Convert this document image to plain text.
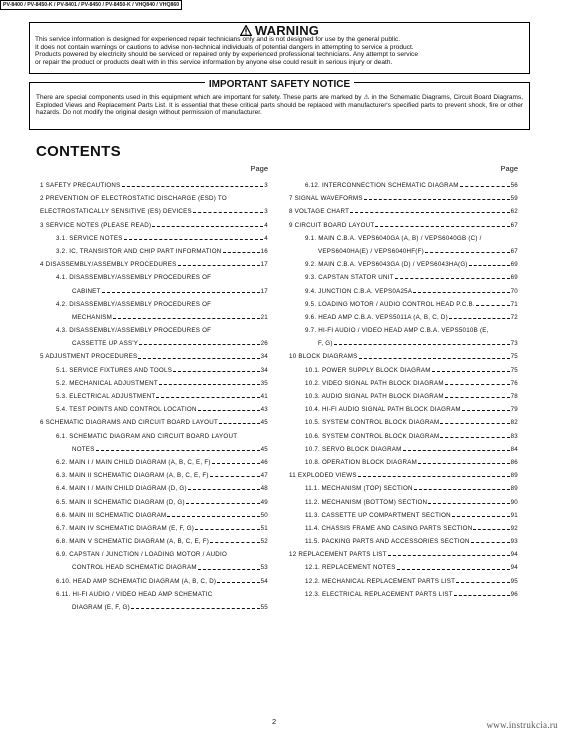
PV-8400 / PV-8450-K / PV-8401 / PV-8450 / PV-8450-K / VHQ840 / VHQ860
WARNING
This service information is designed for experienced repair technicians only and is not designed for use by the general public.
It does not contain warnings or cautions to advise non-technical individuals of potential dangers in attempting to service a product.
Products powered by electricity should be serviced or repaired only by experienced professional technicians. Any attempt to service
or repair the product or products dealt with in this service information by anyone else could result in serious injury or death.
IMPORTANT SAFETY NOTICE
There are special components used in this equipment which are important for safety. These parts are marked by ⚠ in the Schematic Diagrams, Circuit Board Diagrams, Exploded Views and Replacement Parts List. It is essential that these critical parts should be replaced with manufacturer's specified parts to prevent shock, fire or other hazards. Do not modify the original design without permission of manufacturer.
CONTENTS
Page
1 SAFETY PRECAUTIONS	3
2 PREVENTION OF ELECTROSTATIC DISCHARGE (ESD) TO
ELECTROSTATICALLY SENSITIVE (ES) DEVICES	3
3 SERVICE NOTES (PLEASE READ)	4
3.1. SERVICE NOTES	4
3.2. IC, TRANSISTOR AND CHIP PART INFORMATION	16
4 DISASSEMBLY/ASSEMBLY PROCEDURES	17
4.1. DISASSEMBLY/ASSEMBLY PROCEDURES OF
CABINET	17
4.2. DISASSEMBLY/ASSEMBLY PROCEDURES OF
MECHANISM	21
4.3. DISASSEMBLY/ASSEMBLY PROCEDURES OF
CASSETTE UP ASS'Y	26
5 ADJUSTMENT PROCEDURES	34
5.1. SERVICE FIXTURES AND TOOLS	34
5.2. MECHANICAL ADJUSTMENT	35
5.3. ELECTRICAL ADJUSTMENT	41
5.4. TEST POINTS AND CONTROL LOCATION	43
6 SCHEMATIC DIAGRAMS AND CIRCUIT BOARD LAYOUT	45
6.1. SCHEMATIC DIAGRAM AND CIRCUIT BOARD LAYOUT
NOTES	45
6.2. MAIN I / MAIN CHILD DIAGRAM (A, B, C, E, F)	46
6.3. MAIN II SCHEMATIC DIAGRAM (A, B, C, E, F)	47
6.4. MAIN I / MAIN CHILD DIAGRAM (D, G)	48
6.5. MAIN II SCHEMATIC DIAGRAM (D, G)	49
6.6. MAIN III SCHEMATIC DIAGRAM	50
6.7. MAIN IV SCHEMATIC DIAGRAM (E, F, G)	51
6.8. MAIN V SCHEMATIC DIAGRAM (A, B, C, E, F)	52
6.9. CAPSTAN / JUNCTION / LOADING MOTOR / AUDIO
CONTROL HEAD SCHEMATIC DIAGRAM	53
6.10. HEAD AMP SCHEMATIC DIAGRAM (A, B, C, D)	54
6.11. HI-FI AUDIO / VIDEO HEAD AMP SCHEMATIC
DIAGRAM (E, F, G)	55
Page
6.12. INTERCONNECTION SCHEMATIC DIAGRAM	56
7 SIGNAL WAVEFORMS	59
8 VOLTAGE CHART	62
9 CIRCUIT BOARD LAYOUT	67
9.1. MAIN C.B.A. VEPS6040GA (A, B) / VEPS6040GB (C) /
VEPS6040HA(E) / VEPS6040HF(F)	67
9.2. MAIN C.B.A. VEPS6043GA (D) / VEPS6043HA(G)	69
9.3. CAPSTAN STATOR UNIT	69
9.4. JUNCTION C.B.A. VEPS0A25A	70
9.5. LOADING MOTOR / AUDIO CONTROL HEAD P.C.B.	71
9.6. HEAD AMP C.B.A. VEPS5011A (A, B, C, D)	72
9.7. HI-FI AUDIO / VIDEO HEAD AMP C.B.A. VEPS5010B (E,
F, G)	73
10 BLOCK DIAGRAMS	75
10.1. POWER SUPPLY BLOCK DIAGRAM	75
10.2. VIDEO SIGNAL PATH BLOCK DIAGRAM	76
10.3. AUDIO SIGNAL PATH BLOCK DIAGRAM	78
10.4. HI-FI AUDIO SIGNAL PATH BLOCK DIAGRAM	79
10.5. SYSTEM CONTROL BLOCK DIAGRAM	82
10.6. SYSTEM CONTROL BLOCK DIAGRAM	83
10.7. SERVO BLOCK DIAGRAM	84
10.8. OPERATION BLOCK DIAGRAM	86
11 EXPLODED VIEWS	89
11.1. MECHANISM (TOP) SECTION	89
11.2. MECHANISM (BOTTOM) SECTION	90
11.3. CASSETTE UP COMPARTMENT SECTION	91
11.4. CHASSIS FRAME AND CASING PARTS SECTION	92
11.5. PACKING PARTS AND ACCESSORIES SECTION	93
12 REPLACEMENT PARTS LIST	94
12.1. REPLACEMENT NOTES	94
12.2. MECHANICAL REPLACEMENT PARTS LIST	95
12.3. ELECTRICAL REPLACEMENT PARTS LIST	96
2	www.instrukcia.ru
